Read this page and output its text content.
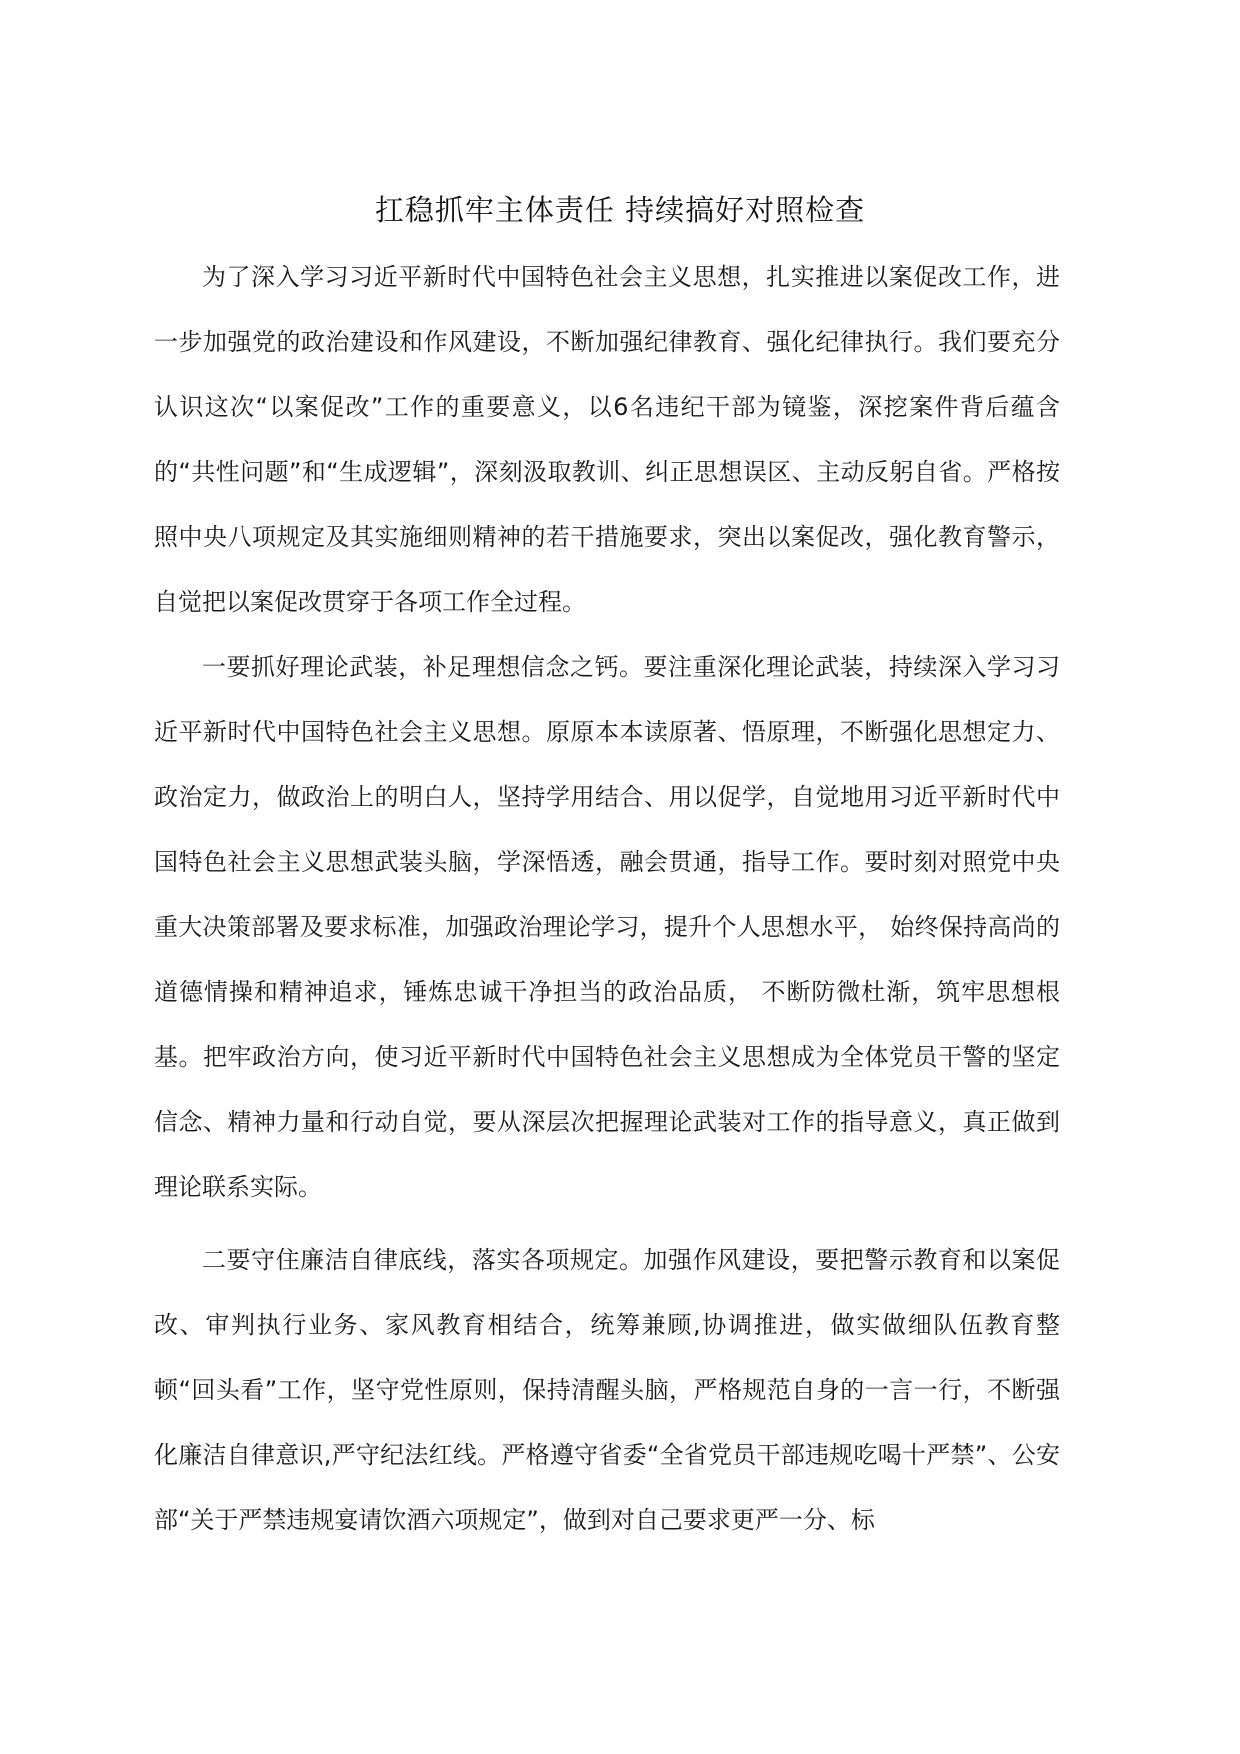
扛稳抓牢主体责任 持续搞好对照检查

为了深入学习习近平新时代中国特色社会主义思想，扎实推进以案促改工作，进一步加强党的政治建设和作风建设，不断加强纪律教育、强化纪律执行。我们要充分认识这次“以案促改”工作的重要意义，以6名违纪干部为镜鉴，深挖案件背后蕴含的“共性问题”和“生成逻辑”，深刻汲取教训、纠正思想误区、主动反躬自省。严格按照中央八项规定及其实施细则精神的若干措施要求，突出以案促改，强化教育警示，自觉把以案促改贯穿于各项工作全过程。

一要抓好理论武装，补足理想信念之钙。要注重深化理论武装，持续深入学习习近平新时代中国特色社会主义思想。原原本本读原著、悟原理，不断强化思想定力、政治定力，做政治上的明白人，坚持学用结合、用以促学，自觉地用习近平新时代中国特色社会主义思想武装头脑，学深悟透，融会贯通，指导工作。要时刻对照党中央重大决策部署及要求标准，加强政治理论学习，提升个人思想水平， 始终保持高尚的道德情操和精神追求，锤炼忠诚干净担当的政治品质， 不断防微杜渐，筑牢思想根基。把牢政治方向，使习近平新时代中国特色社会主义思想成为全体党员干警的坚定信念、精神力量和行动自觉，要从深层次把握理论武装对工作的指导意义，真正做到理论联系实际。

二要守住廉洁自律底线，落实各项规定。加强作风建设，要把警示教育和以案促改、审判执行业务、家风教育相结合，统筹兼顾,协调推进，做实做细队伍教育整顿“回头看”工作，坚守党性原则，保持清醒头脑，严格规范自身的一言一行，不断强化廉洁自律意识,严守纪法红线。严格遵守省委“全省党员干部违规吃喝十严禁”、公安部“关于严禁违规宴请饮酒六项规定”，做到对自己要求更严一分、标
